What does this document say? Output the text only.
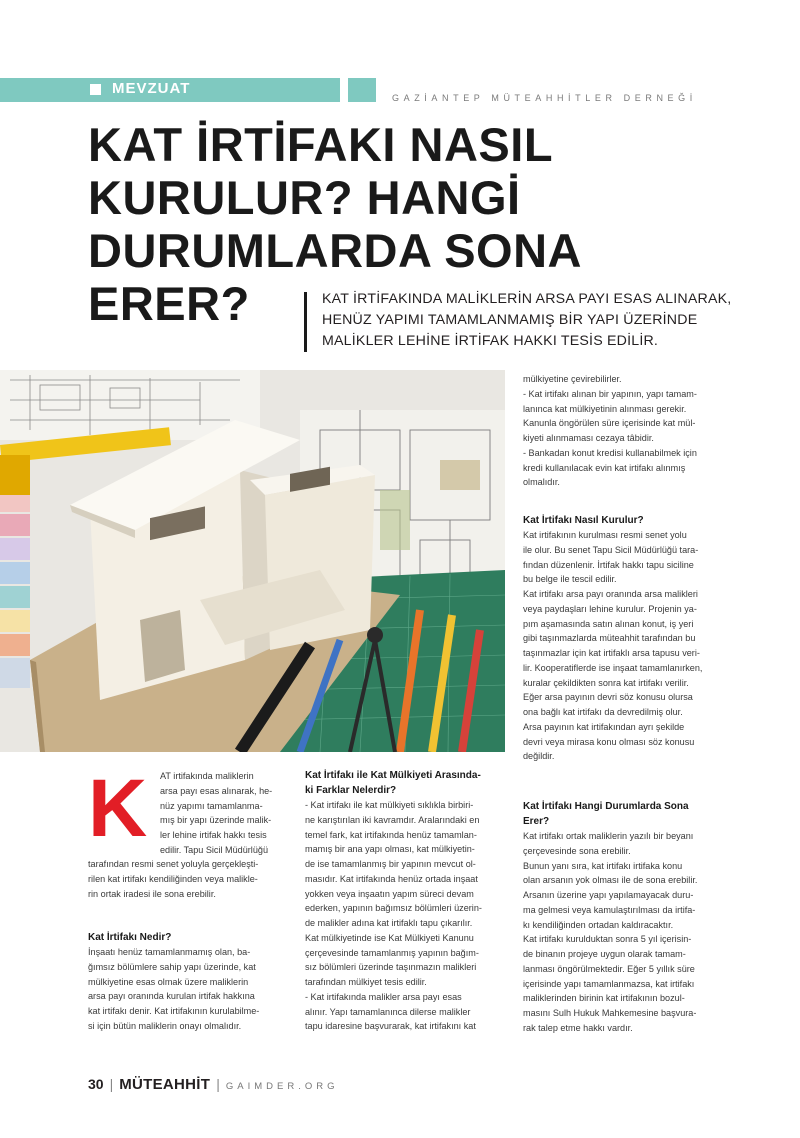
MEVZUAT
GAZİANTEP MÜTEAHHİTLER DERNEĞİ
KAT İRTİFAKI NASIL
KURULUR? HANGİ
DURUMLARDA SONA ERER?	KAT İRTİFAKINDA MALİKLERİN ARSA PAYI ESAS ALINARAK,
HENÜZ YAPIMI TAMAMLANMAMIŞ BİR YAPI ÜZERİNDE
MALİKLER LEHİNE İRTİFAK HAKKI TESİS EDİLİR.
K AT irtifakında maliklerin
arsa payı esas alınarak, he-
nüz yapımı tamamlanma-
mış bir yapı üzerinde malik-
ler lehine irtifak hakkı tesis
edilir. Tapu Sicil Müdürlüğü
tarafından resmi senet yoluyla gerçekleşti-
rilen kat irtifakı kendiliğinden veya malikle-
rin ortak iradesi ile sona erebilir.
Kat İrtifakı Nedir?
İnşaatı henüz tamamlanmamış olan, ba-
ğımsız bölümlere sahip yapı üzerinde, kat
mülkiyetine esas olmak üzere maliklerin
arsa payı oranında kurulan irtifak hakkına
kat irtifakı denir. Kat irtifakının kurulabilme-
si için bütün maliklerin onayı olmalıdır.
Kat İrtifakı ile Kat Mülkiyeti Arasında-
ki Farklar Nelerdir?
- Kat irtifakı ile kat mülkiyeti sıklıkla birbiri-
ne karıştırılan iki kavramdır. Aralarındaki en
temel fark, kat irtifakında henüz tamamlan-
mamış bir ana yapı olması, kat mülkiyetin-
de ise tamamlanmış bir yapının mevcut ol-
masıdır. Kat irtifakında henüz ortada inşaat
yokken veya inşaatın yapım süreci devam
ederken, yapının bağımsız bölümleri üzerin-
de malikler adına kat irtifaklı tapu çıkarılır.
Kat mülkiyetinde ise Kat Mülkiyeti Kanunu
çerçevesinde tamamlanmış yapının bağım-
sız bölümleri üzerinde taşınmazın malikleri
tarafından mülkiyet tesis edilir.
- Kat irtifakında malikler arsa payı esas
alınır. Yapı tamamlanınca dilerse malikler
tapu idaresine başvurarak, kat irtifakını kat
mülkiyetine çevirebilirler.
- Kat irtifakı alınan bir yapının, yapı tamam-
lanınca kat mülkiyetinin alınması gerekir.
Kanunla öngörülen süre içerisinde kat mül-
kiyeti alınmaması cezaya tâbidir.
- Bankadan konut kredisi kullanabilmek için
kredi kullanılacak evin kat irtifakı alınmış
olmalıdır.
Kat İrtifakı Nasıl Kurulur?
Kat irtifakının kurulması resmi senet yolu
ile olur. Bu senet Tapu Sicil Müdürlüğü tara-
fından düzenlenir. İrtifak hakkı tapu siciline
bu belge ile tescil edilir.
Kat irtifakı arsa payı oranında arsa malikleri
veya paydaşları lehine kurulur. Projenin ya-
pım aşamasında satın alınan konut, iş yeri
gibi taşınmazlarda müteahhit tarafından bu
taşınmazlar için kat irtifaklı arsa tapusu veri-
lir. Kooperatiflerde ise inşaat tamamlanırken,
kuralar çekildikten sonra kat irtifakı verilir.
Eğer arsa payının devri söz konusu olursa
ona bağlı kat irtifakı da devredilmiş olur.
Arsa payının kat irtifakından ayrı şekilde
devri veya mirasa konu olması söz konusu
değildir.
Kat İrtifakı Hangi Durumlarda Sona
Erer?
Kat irtifakı ortak maliklerin yazılı bir beyanı
çerçevesinde sona erebilir.
Bunun yanı sıra, kat irtifakı irtifaka konu
olan arsanın yok olması ile de sona erebilir.
Arsanın üzerine yapı yapılamayacak duru-
ma gelmesi veya kamulaştırılması da irtifa-
kı kendiliğinden ortadan kaldıracaktır.
Kat irtifakı kurulduktan sonra 5 yıl içerisin-
de binanın projeye uygun olarak tamam-
lanması öngörülmektedir. Eğer 5 yıllık süre
içerisinde yapı tamamlanmazsa, kat irtifakı
maliklerinden birinin kat irtifakının bozul-
masını Sulh Hukuk Mahkemesine başvura-
rak talep etme hakkı vardır.
30 | MÜTEAHHİT | GAIMDER.ORG
